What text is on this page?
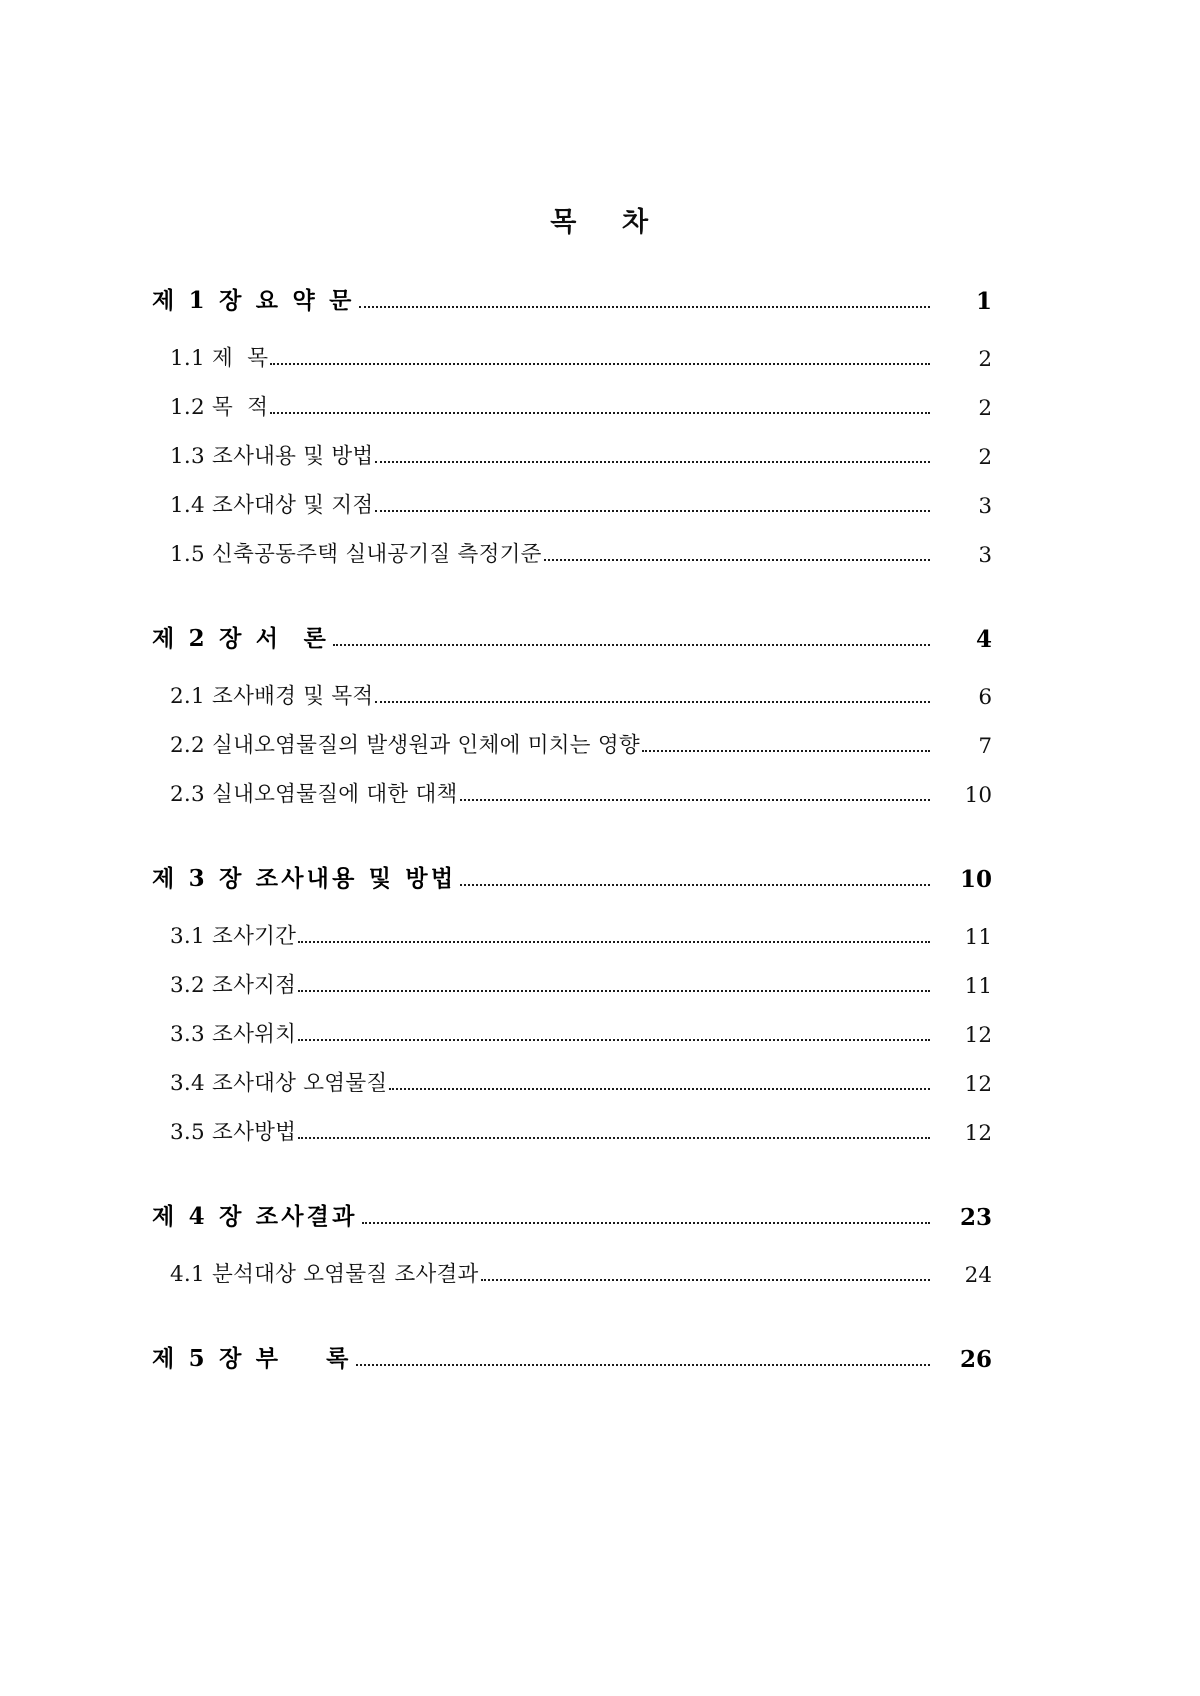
목    차
제 1 장 요 약 문	1
1.1 제  목	2
1.2 목  적	2
1.3 조사내용 및 방법	2
1.4 조사대상 및 지점	3
1.5 신축공동주택 실내공기질 측정기준	3
제 2 장 서  론	4
2.1 조사배경 및 목적	6
2.2 실내오염물질의 발생원과 인체에 미치는 영향	7
2.3 실내오염물질에 대한 대책	10
제 3 장 조사내용 및 방법	10
3.1 조사기간	11
3.2 조사지점	11
3.3 조사위치	12
3.4 조사대상 오염물질	12
3.5 조사방법	12
제 4 장 조사결과	23
4.1 분석대상 오염물질 조사결과	24
제 5 장 부    록	26
